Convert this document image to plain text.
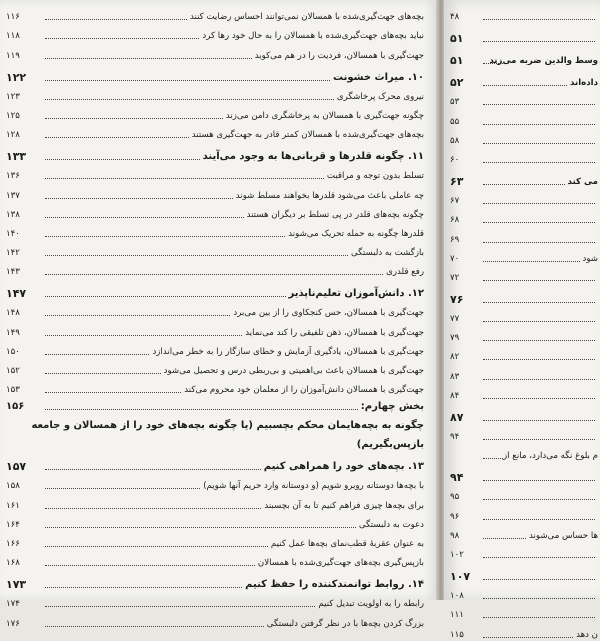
۱۱۶	بچه‌های جهت‌گیری‌شده با همسالان نمی‌توانند احساس رضایت کنند
۱۱۸	نباید بچه‌های جهت‌گیری‌شده با همسالان را به حال خود رها کرد
۱۱۹	جهت‌گیری با همسالان، فردیت را در هم می‌کوبد
۱۲۲	۱۰. میراث خشونت
۱۲۳	نیروی محرک پرخاشگری
۱۲۵	چگونه جهت‌گیری با همسالان به پرخاشگری دامن می‌زند
۱۲۸	بچه‌های جهت‌گیری‌شده با همسالان کمتر قادر به جهت‌گیری هستند
۱۳۳	۱۱. چگونه قلدرها و قربانی‌ها به وجود می‌آیند
۱۳۶	تسلط بدون توجه و مراقبت
۱۳۷	چه عاملی باعث می‌شود قلدرها بخواهند مسلط شوند
۱۳۸	چگونه بچه‌های قلدر در پی تسلط بر دیگران هستند
۱۴۰	قلدرها چگونه به حمله تحریک می‌شوند
۱۴۲	بازگشت به دلبستگی
۱۴۳	رفع قلدری
۱۴۷	۱۲. دانش‌آموزان تعلیم‌ناپذیر
۱۴۸	جهت‌گیری با همسالان، حس کنجکاوی را از بین می‌برد
۱۴۹	جهت‌گیری با همسالان، ذهن تلفیقی را کند می‌نماید
۱۵۰	جهت‌گیری با همسالان، یادگیری آزمایش و خطای سازگار را به خطر می‌اندازد
۱۵۲	جهت‌گیری با همسالان باعث بی‌اهمیتی و بی‌ربطی درس و تحصیل می‌شود
۱۵۳	جهت‌گیری با همسالان دانش‌آموزان را از معلمان خود محروم می‌کند
۱۵۶	بخش چهارم:
چگونه به بچه‌هایمان محکم بچسبیم (یا چگونه بچه‌های خود را از همسالان و جامعه
بازپس‌بگیریم)
۱۵۷	۱۳. بچه‌های خود را همراهی کنیم
۱۵۸	با بچه‌ها دوستانه روبرو شویم (و دوستانه وارد حریم آنها شویم)
۱۶۱	برای بچه‌ها چیزی فراهم کنیم تا به آن بچسبند
۱۶۴	دعوت به دلبستگی
۱۶۶	به عنوان عقربهٔ قطب‌نمای بچه‌ها عمل کنیم
۱۶۸	بازپس‌گیری بچه‌های جهت‌گیری‌شده با همسالان
۱۷۳	۱۴. روابط توانمندکننده را حفظ کنیم
۱۷۴	رابطه را به اولویت تبدیل کنیم
۱۷۶	بزرگ کردن بچه‌ها با در نظر گرفتن دلبستگی
۴۸
۵۱
۵۱	وسط والدین ضربه می‌زند
۵۲	داده‌اند
۵۳
۵۵
۵۸
۶۰
۶۳	می کند
۶۷
۶۸
۶۹
۷۰	شود
۷۲
۷۶
۷۷
۷۹
۸۲
۸۳
۸۴
۸۷
۹۴
م بلوغ نگه می‌دارد، مانع از
۹۴
۹۵
۹۶
۹۸	ها حساس می‌شوند
۱۰۲
۱۰۷
۱۰۸
۱۱۱
۱۱۵	ن دهد
